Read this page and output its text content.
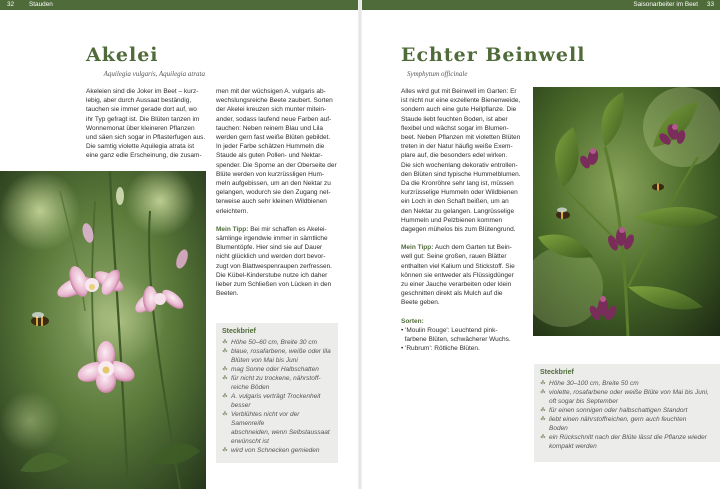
32 Stauden	Saisonarbeiter im Beet 33
Akelei
Aquilegia vulgaris, Aquilegia atrata
Akeleien sind die Joker im Beet – kurz-
lebig, aber durch Aussaat beständig,
tauchen sie immer gerade dort auf, wo
ihr Typ gefragt ist. Die Blüten tanzen im
Wonnemonat über kleineren Pflanzen
und säen sich sogar in Pflasterfugen aus.
Die samtig violette Aquilegia atrata ist
eine ganz edle Erscheinung, die zusam-
men mit der wüchsigen A. vulgaris ab-
wechslungsreiche Beete zaubert. Sorten
der Akelei kreuzen sich munter mitein-
ander, sodass laufend neue Farben auf-
tauchen: Neben reinem Blau und Lila
werden gern fast weiße Blüten gebildet.
In jeder Farbe schätzen Hummeln die
Staude als guten Pollen- und Nektar-
spender. Die Sporne an der Oberseite der
Blüte werden von kurzrüssligen Hum-
meln aufgebissen, um an den Nektar zu
gelangen, wodurch sie den Zugang net-
terweise auch sehr kleinen Wildbienen
erleichtern.
Mein Tipp: Bei mir schaffen es Akelei-
sämlinge irgendwie immer in sämtliche
Blumentöpfe. Hier sind sie auf Dauer
nicht glücklich und werden dort bevor-
zugt von Blattwespenraupen zerfressen.
Die Kübel-Kinderstube nutze ich daher
lieber zum Schließen von Lücken in den
Beeten.
Steckbrief
☘ Höhe 50–60 cm, Breite 30 cm
☘ blaue, rosafarbene, weiße oder lila
Blüten von Mai bis Juni
☘ mag Sonne oder Halbschatten
☘ für nicht zu trockene, nährstoff-
reiche Böden
☘ A. vulgaris verträgt Trockenheit
besser
☘ Verblühtes nicht vor der Samenreife
abschneiden, wenn Selbstaussaat
erwünscht ist
☘ wird von Schnecken gemieden
Echter Beinwell
Symphytum officinale
Alles wird gut mit Beinwell im Garten: Er
ist nicht nur eine exzellente Bienenweide,
sondern auch eine gute Heilpflanze. Die
Staude liebt feuchten Boden, ist aber
flexibel und wächst sogar im Blumen-
beet. Neben Pflanzen mit violetten Blüten
treten in der Natur häufig weiße Exem-
plare auf, die besonders edel wirken.
Die sich wochenlang dekorativ entrollen-
den Blüten sind typische Hummelblumen.
Da die Kronröhre sehr lang ist, müssen
kurzrüsselige Hummeln oder Wildbienen
ein Loch in den Schaft beißen, um an
den Nektar zu gelangen. Langrüsselige
Hummeln und Pelzbienen kommen
dagegen mühelos bis zum Blütengrund.
Mein Tipp: Auch dem Garten tut Bein-
well gut: Seine großen, rauen Blätter
enthalten viel Kalium und Stickstoff. Sie
können sie entweder als Flüssigdünger
zu einer Jauche verarbeiten oder klein
geschnitten direkt als Mulch auf die
Beete geben.
Sorten:
• 'Moulin Rouge': Leuchtend pink-
farbene Blüten, schwächerer Wuchs.
• 'Rubrum': Rötliche Blüten.
Steckbrief
☘ Höhe 30–100 cm, Breite 50 cm
☘ violette, rosafarbene oder weiße Blüte von Mai bis Juni,
oft sogar bis September
☘ für einen sonnigen oder halbschattigen Standort
☘ liebt einen nährstoffreichen, gern auch feuchten
Boden
☘ ein Rückschnitt nach der Blüte lässt die Pflanze wieder
kompakt werden
